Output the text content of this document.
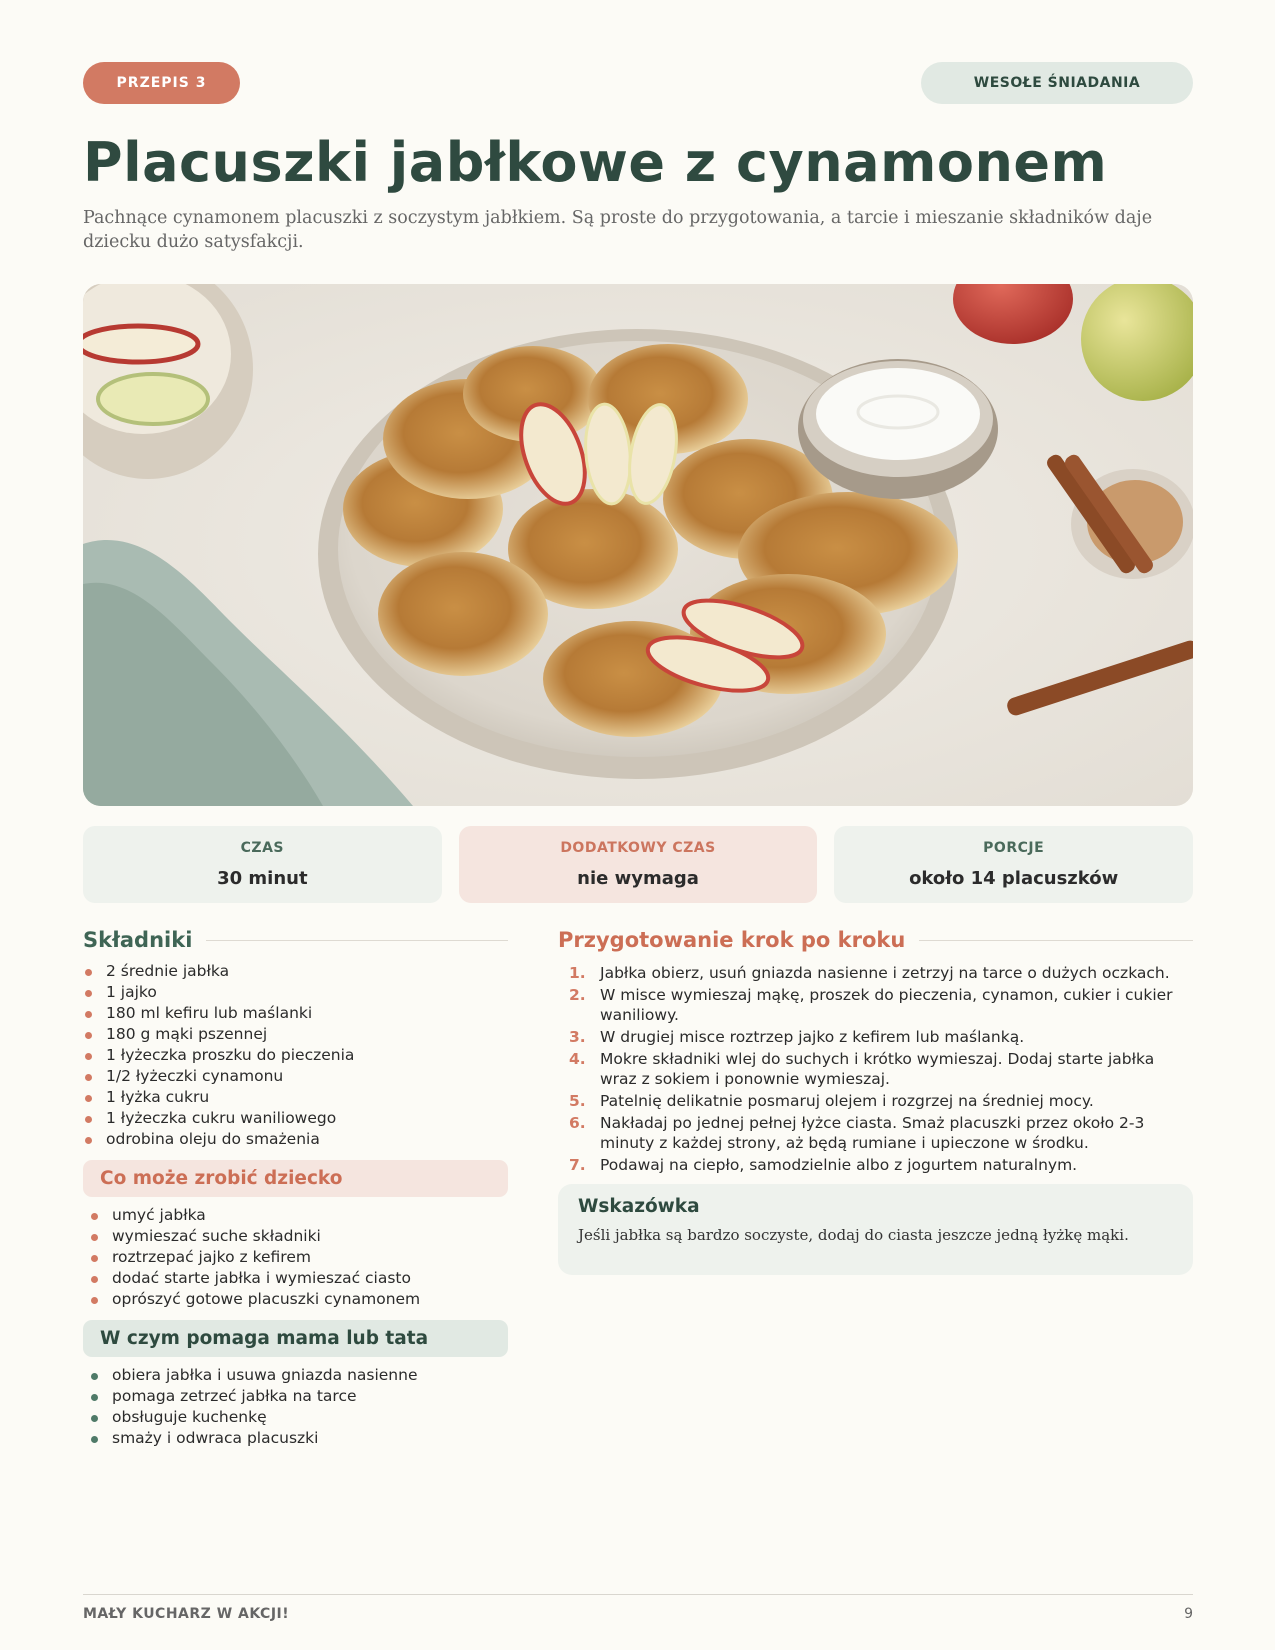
PRZEPIS 3	WESOŁE ŚNIADANIA
Placuszki jabłkowe z cynamonem

Pachnące cynamonem placuszki z soczystym jabłkiem. Są proste do przygotowania, a tarcie i mieszanie składników daje dziecku dużo satysfakcji.

CZAS
30 minut
DODATKOWY CZAS
nie wymaga
PORCJE
około 14 placuszków
Składniki
2 średnie jabłka
1 jajko
180 ml kefiru lub maślanki
180 g mąki pszennej
1 łyżeczka proszku do pieczenia
1/2 łyżeczki cynamonu
1 łyżka cukru
1 łyżeczka cukru waniliowego
odrobina oleju do smażenia
Co może zrobić dziecko
umyć jabłka
wymieszać suche składniki
roztrzepać jajko z kefirem
dodać starte jabłka i wymieszać ciasto
oprószyć gotowe placuszki cynamonem
W czym pomaga mama lub tata
obiera jabłka i usuwa gniazda nasienne
pomaga zetrzeć jabłka na tarce
obsługuje kuchenkę
smaży i odwraca placuszki
Przygotowanie krok po kroku
1. Jabłka obierz, usuń gniazda nasienne i zetrzyj na tarce o dużych oczkach.
2. W misce wymieszaj mąkę, proszek do pieczenia, cynamon, cukier i cukier waniliowy.
3. W drugiej misce roztrzep jajko z kefirem lub maślanką.
4. Mokre składniki wlej do suchych i krótko wymieszaj. Dodaj starte jabłka wraz z sokiem i ponownie wymieszaj.
5. Patelnię delikatnie posmaruj olejem i rozgrzej na średniej mocy.
6. Nakładaj po jednej pełnej łyżce ciasta. Smaż placuszki przez około 2-3 minuty z każdej strony, aż będą rumiane i upieczone w środku.
7. Podawaj na ciepło, samodzielnie albo z jogurtem naturalnym.
Wskazówka

Jeśli jabłka są bardzo soczyste, dodaj do ciasta jeszcze jedną łyżkę mąki.

MAŁY KUCHARZ W AKCJI!	9
